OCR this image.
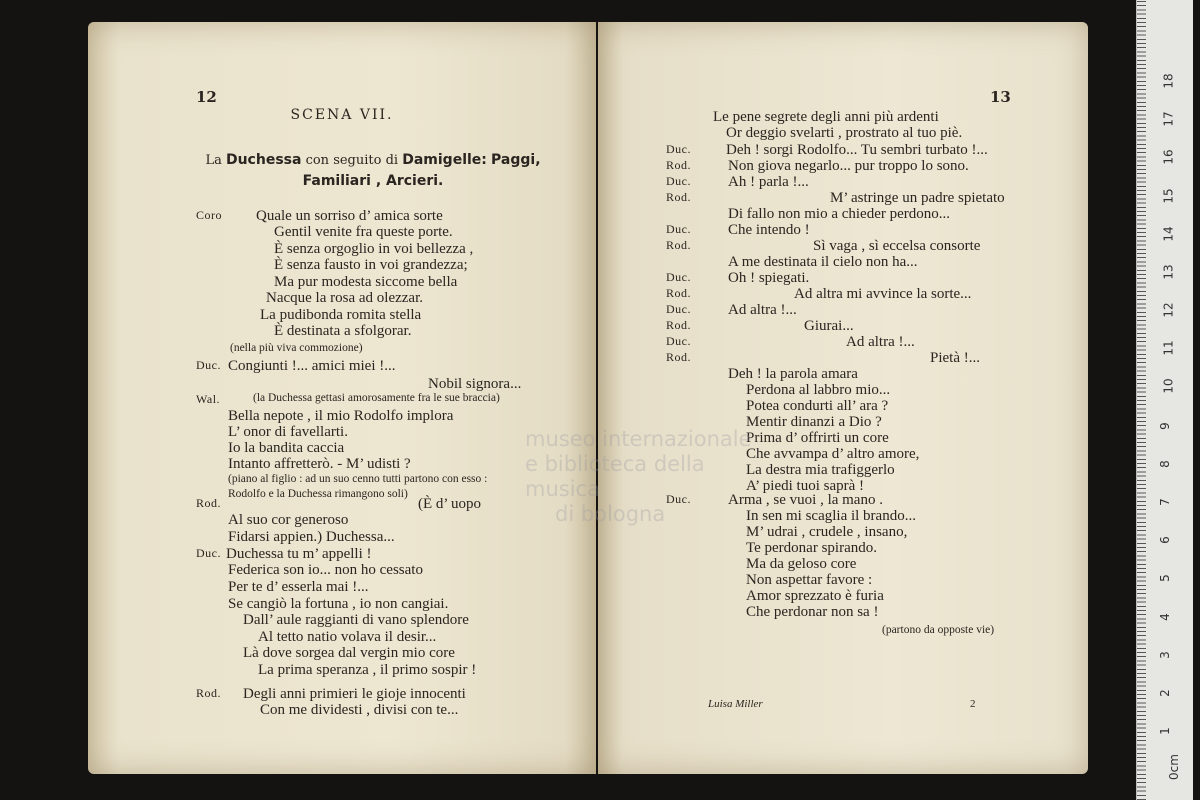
12
SCENA VII.
La Duchessa con seguito di Damigelle: Paggi,
Familiari , Arcieri.
Coro
Duc.
Wal.
Rod.
Duc.
Rod.
Quale un sorriso d’ amica sorte
Gentil venite fra queste porte.
È senza orgoglio in voi bellezza ,
È senza fausto in voi grandezza;
Ma pur modesta siccome bella
Nacque la rosa ad olezzar.
La pudibonda romita stella
È destinata a sfolgorar.
(nella più viva commozione)
Congiunti !... amici miei !...
Nobil signora...
(la Duchessa gettasi amorosamente fra le sue braccia)
Bella nepote , il mio Rodolfo implora
L’ onor di favellarti.
Io la bandita caccia
Intanto affretterò. - M’ udisti ?
(piano al figlio : ad un suo cenno tutti partono con esso :
Rodolfo e la Duchessa rimangono soli)
(È d’ uopo
Al suo cor generoso
Fidarsi appien.) Duchessa...
Duchessa tu m’ appelli !
Federica son io... non ho cessato
Per te d’ esserla mai !...
Se cangiò la fortuna , io non cangiai.
Dall’ aule raggianti di vano splendore
Al tetto natio volava il desir...
Là dove sorgea dal vergin mio core
La prima speranza , il primo sospir !
Degli anni primieri le gioje innocenti
Con me dividesti , divisi con te...
13
Duc.
Rod.
Duc.
Rod.
Duc.
Rod.
Duc.
Rod.
Duc.
Rod.
Duc.
Rod.
Duc.
Le pene segrete degli anni più ardenti
Or deggio svelarti , prostrato al tuo piè.
Deh ! sorgi Rodolfo... Tu sembri turbato !...
Non giova negarlo... pur troppo lo sono.
Ah ! parla !...
M’ astringe un padre spietato
Di fallo non mio a chieder perdono...
Che intendo !
Sì vaga , sì eccelsa consorte
A me destinata il cielo non ha...
Oh ! spiegati.
Ad altra mi avvince la sorte...
Ad altra !...
Giurai...
Ad altra !...
Pietà !...
Deh ! la parola amara
Perdona al labbro mio...
Potea condurti all’ ara ?
Mentir dinanzi a Dio ?
Prima d’ offrirti un core
Che avvampa d’ altro amore,
La destra mia trafiggerlo
A’ piedi tuoi saprà !
Arma , se vuoi , la mano .
In sen mi scaglia il brando...
M’ udrai , crudele , insano,
Te perdonar spirando.
Ma da geloso core
Non aspettar favore :
Amor sprezzato è furia
Che perdonar non sa !
(partono da opposte vie)
Luisa Miller	2
museo internazionale
e biblioteca della musica
di bologna
0cm
1
2
3
4
5
6
7
8
9
10
11
12
13
14
15
16
17
18
